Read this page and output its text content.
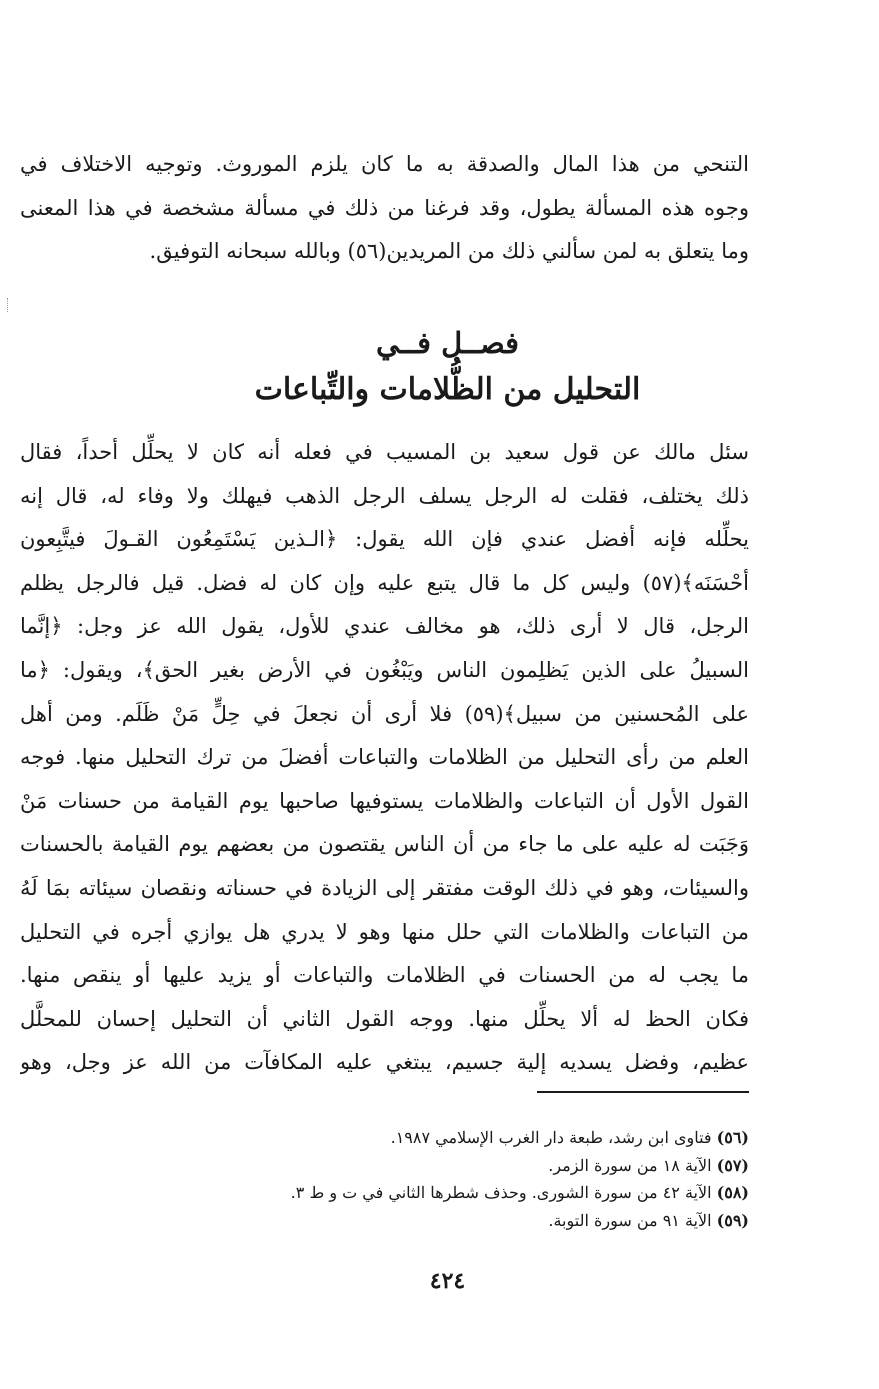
التنحي من هذا المال والصدقة به ما كان يلزم الموروث. وتوجيه الاختلاف في
وجوه هذه المسألة يطول، وقد فرغنا من ذلك في مسألة مشخصة في هذا المعنى
وما يتعلق به لمن سألني ذلك من المريدين(٥٦) وبالله سبحانه التوفيق.
فصــل فــي
التحليل من الظُّلامات والتِّباعات
سئل مالك عن قول سعيد بن المسيب في فعله أنه كان لا يحلِّل أحداً، فقال
ذلك يختلف، فقلت له الرجل يسلف الرجل الذهب فيهلك ولا وفاء له، قال إنه
يحلِّله فإنه أفضل عندي فإن الله يقول: ﴿الـذين يَسْتَمِعُون القـولَ فيتَّبِعون
أحْسَنَه﴾(٥٧) وليس كل ما قال يتبع عليه وإن كان له فضل. قيل فالرجل يظلم
الرجل، قال لا أرى ذلك، هو مخالف عندي للأول، يقول الله عز وجل: ﴿إنَّما
السبيلُ على الذين يَظلِمون الناس ويَبْغُون في الأرض بغير الحق﴾، ويقول: ﴿ما
على المُحسنين من سبيل﴾(٥٩) فلا أرى أن نجعلَ في حِلٍّ مَنْ ظَلَم. ومن أهل
العلم من رأى التحليل من الظلامات والتباعات أفضلَ من ترك التحليل منها. فوجه
القول الأول أن التباعات والظلامات يستوفيها صاحبها يوم القيامة من حسنات مَنْ
وَجَبَت له عليه على ما جاء من أن الناس يقتصون من بعضهم يوم القيامة بالحسنات
والسيئات، وهو في ذلك الوقت مفتقر إلى الزيادة في حسناته ونقصان سيئاته بمَا لَهُ
من التباعات والظلامات التي حلل منها وهو لا يدري هل يوازي أجره في التحليل
ما يجب له من الحسنات في الظلامات والتباعات أو يزيد عليها أو ينقص منها.
فكان الحظ له ألا يحلِّل منها. ووجه القول الثاني أن التحليل إحسان للمحلَّل
عظيم، وفضل يسديه إلية جسيم، يبتغي عليه المكافآت من الله عز وجل، وهو
(٥٦) فتاوى ابن رشد، طبعة دار الغرب الإسلامي ١٩٨٧.
(٥٧) الآية ١٨ من سورة الزمر.
(٥٨) الآية ٤٢ من سورة الشورى. وحذف شطرها الثاني في ت و ط ٣.
(٥٩) الآية ٩١ من سورة التوبة.
٤٢٤
